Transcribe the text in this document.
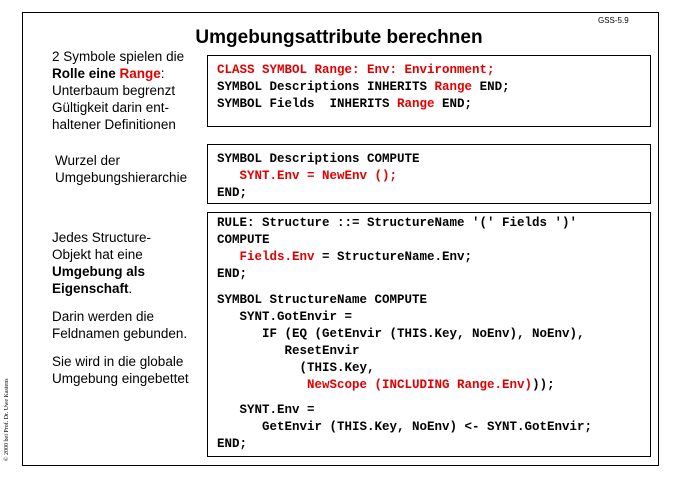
GSS-5.9
Umgebungsattribute berechnen
© 2000 bei Prof. Dr. Uwe Kastens
2 Symbole spielen die
Rolle eine Range:
Unterbaum begrenzt
Gültigkeit darin ent-
haltener Definitionen
Wurzel der
Umgebungshierarchie
Jedes Structure-
Objekt hat eine
Umgebung als
Eigenschaft.
Darin werden die
Feldnamen gebunden.
Sie wird in die globale
Umgebung eingebettet
CLASS SYMBOL Range: Env: Environment;
SYMBOL Descriptions INHERITS Range END;
SYMBOL Fields  INHERITS Range END;
SYMBOL Descriptions COMPUTE
SYNT.Env = NewEnv ();
END;
RULE: Structure ::= StructureName '(' Fields ')'
COMPUTE
Fields.Env = StructureName.Env;
END;
SYMBOL StructureName COMPUTE
SYNT.GotEnvir =
IF (EQ (GetEnvir (THIS.Key, NoEnv), NoEnv),
ResetEnvir
(THIS.Key,
NewScope (INCLUDING Range.Env)));
SYNT.Env =
GetEnvir (THIS.Key, NoEnv) <- SYNT.GotEnvir;
END;
